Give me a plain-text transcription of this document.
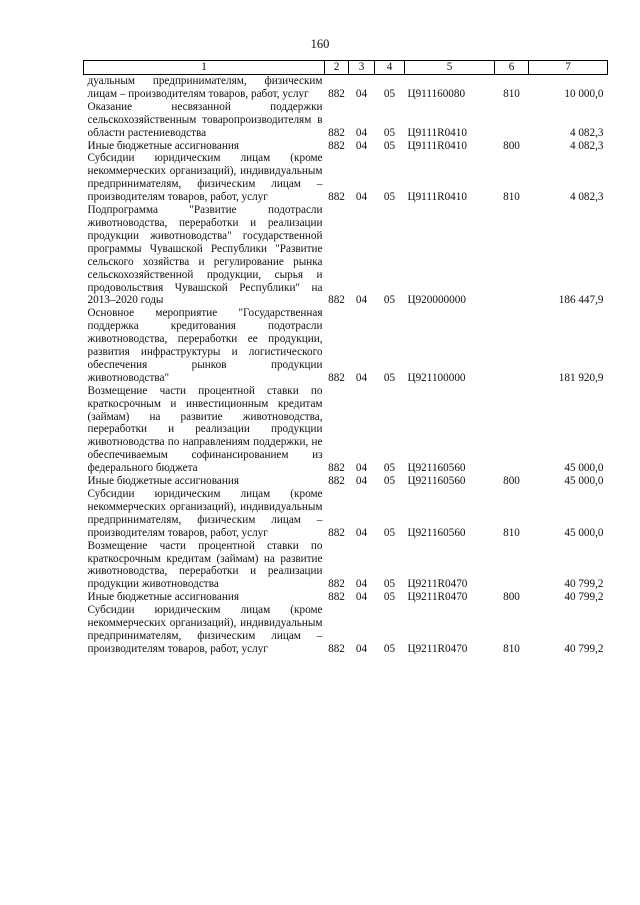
160
1	2	3	4	5	6	7
дуальным предпринимателям, физическим лицам – производителям товаров, работ, услуг	882	04	05	Ц911160080	810	10 000,0
Оказание несвязанной поддержки сельскохозяйственным товаропроизводителям в области растениеводства	882	04	05	Ц9111R0410		4 082,3
Иные бюджетные ассигнования	882	04	05	Ц9111R0410	800	4 082,3
Субсидии юридическим лицам (кроме некоммерческих организаций), индивидуальным предпринимателям, физическим лицам – производителям товаров, работ, услуг	882	04	05	Ц9111R0410	810	4 082,3
Подпрограмма "Развитие подотрасли животноводства, переработки и реализации продукции животноводства" государственной программы Чувашской Республики "Развитие сельского хозяйства и регулирование рынка сельскохозяйственной продукции, сырья и продовольствия Чувашской Республики" на 2013–2020 годы	882	04	05	Ц920000000		186 447,9
Основное мероприятие "Государственная поддержка кредитования подотрасли животноводства, переработки ее продукции, развития инфраструктуры и логистического обеспечения рынков продукции животноводства"	882	04	05	Ц921100000		181 920,9
Возмещение части процентной ставки по краткосрочным и инвестиционным кредитам (займам) на развитие животноводства, переработки и реализации продукции животноводства по направлениям поддержки, не обеспечиваемым софинансированием из федерального бюджета	882	04	05	Ц921160560		45 000,0
Иные бюджетные ассигнования	882	04	05	Ц921160560	800	45 000,0
Субсидии юридическим лицам (кроме некоммерческих организаций), индивидуальным предпринимателям, физическим лицам – производителям товаров, работ, услуг	882	04	05	Ц921160560	810	45 000,0
Возмещение части процентной ставки по краткосрочным кредитам (займам) на развитие животноводства, переработки и реализации продукции животноводства	882	04	05	Ц9211R0470		40 799,2
Иные бюджетные ассигнования	882	04	05	Ц9211R0470	800	40 799,2
Субсидии юридическим лицам (кроме некоммерческих организаций), индивидуальным предпринимателям, физическим лицам – производителям товаров, работ, услуг	882	04	05	Ц9211R0470	810	40 799,2
